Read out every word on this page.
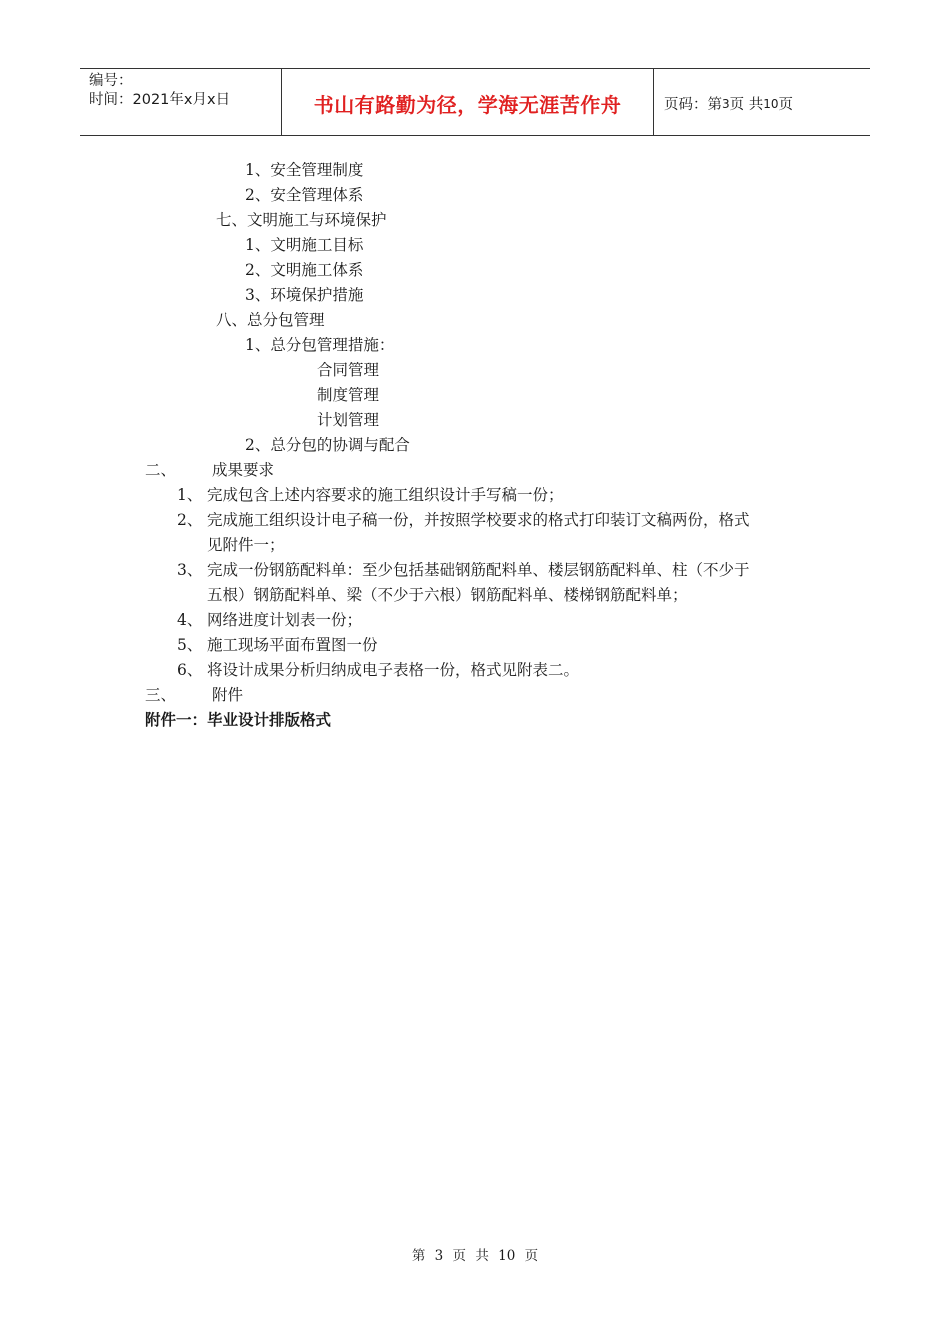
编号：
时间：2021年x月x日	书山有路勤为径，学海无涯苦作舟	页码：第 3 页 共 10 页
1、安全管理制度
2、安全管理体系
七、文明施工与环境保护
1、文明施工目标
2、文明施工体系
3、环境保护措施
八、总分包管理
1、总分包管理措施：
合同管理
制度管理
计划管理
2、总分包的协调与配合
二、 成果要求
1、 完成包含上述内容要求的施工组织设计手写稿一份；
2、 完成施工组织设计电子稿一份，并按照学校要求的格式打印装订文稿两份，格式
见附件一；
3、 完成一份钢筋配料单：至少包括基础钢筋配料单、楼层钢筋配料单、柱（不少于
五根）钢筋配料单、梁（不少于六根）钢筋配料单、楼梯钢筋配料单；
4、 网络进度计划表一份；
5、 施工现场平面布置图一份
6、 将设计成果分析归纳成电子表格一份，格式见附表二。
三、 附件
附件一：毕业设计排版格式
第 3 页 共 10 页
